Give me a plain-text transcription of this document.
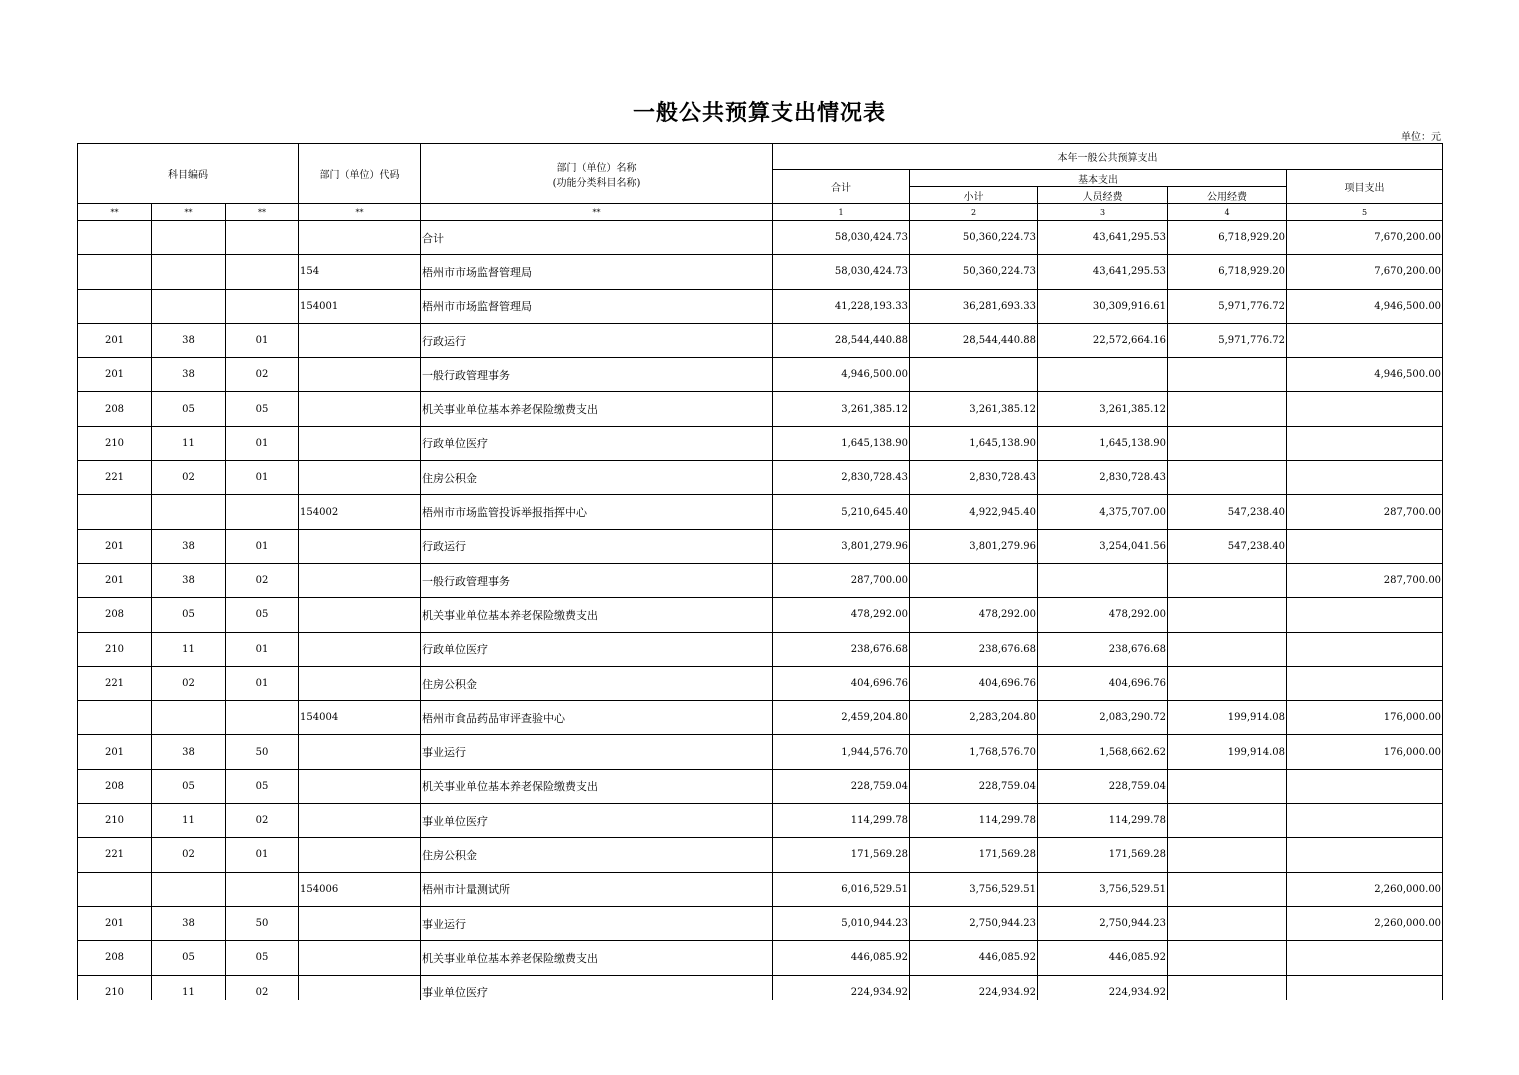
一般公共预算支出情况表
单位：元
科目编码			部门（单位）代码	部门（单位）名称
(功能分类科目名称)	本年一般公共预算支出				
					合计	基本支出			项目支出
						小计	人员经费	公用经费	
**	**	**	**	**	1	2	3	4	5
				合计	58,030,424.73	50,360,224.73	43,641,295.53	6,718,929.20	7,670,200.00
			154	梧州市市场监督管理局	58,030,424.73	50,360,224.73	43,641,295.53	6,718,929.20	7,670,200.00
			154001	梧州市市场监督管理局	41,228,193.33	36,281,693.33	30,309,916.61	5,971,776.72	4,946,500.00
201	38	01		行政运行	28,544,440.88	28,544,440.88	22,572,664.16	5,971,776.72	
201	38	02		一般行政管理事务	4,946,500.00				4,946,500.00
208	05	05		机关事业单位基本养老保险缴费支出	3,261,385.12	3,261,385.12	3,261,385.12		
210	11	01		行政单位医疗	1,645,138.90	1,645,138.90	1,645,138.90		
221	02	01		住房公积金	2,830,728.43	2,830,728.43	2,830,728.43		
			154002	梧州市市场监管投诉举报指挥中心	5,210,645.40	4,922,945.40	4,375,707.00	547,238.40	287,700.00
201	38	01		行政运行	3,801,279.96	3,801,279.96	3,254,041.56	547,238.40	
201	38	02		一般行政管理事务	287,700.00				287,700.00
208	05	05		机关事业单位基本养老保险缴费支出	478,292.00	478,292.00	478,292.00		
210	11	01		行政单位医疗	238,676.68	238,676.68	238,676.68		
221	02	01		住房公积金	404,696.76	404,696.76	404,696.76		
			154004	梧州市食品药品审评查验中心	2,459,204.80	2,283,204.80	2,083,290.72	199,914.08	176,000.00
201	38	50		事业运行	1,944,576.70	1,768,576.70	1,568,662.62	199,914.08	176,000.00
208	05	05		机关事业单位基本养老保险缴费支出	228,759.04	228,759.04	228,759.04		
210	11	02		事业单位医疗	114,299.78	114,299.78	114,299.78		
221	02	01		住房公积金	171,569.28	171,569.28	171,569.28		
			154006	梧州市计量测试所	6,016,529.51	3,756,529.51	3,756,529.51		2,260,000.00
201	38	50		事业运行	5,010,944.23	2,750,944.23	2,750,944.23		2,260,000.00
208	05	05		机关事业单位基本养老保险缴费支出	446,085.92	446,085.92	446,085.92		
210	11	02		事业单位医疗	224,934.92	224,934.92	224,934.92		
